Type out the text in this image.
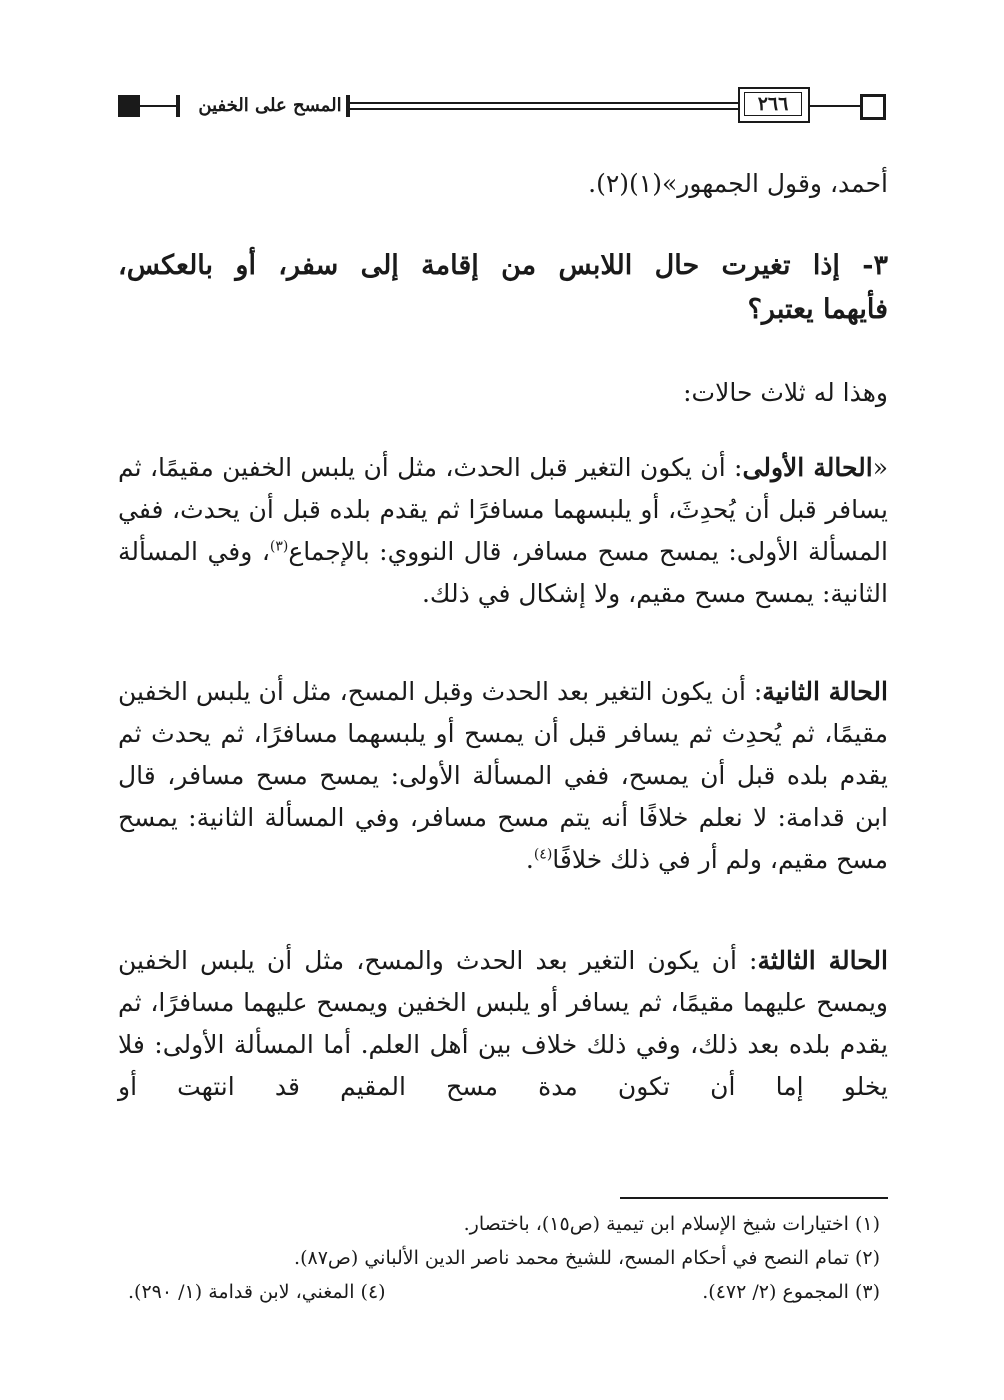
المسح على الخفين	٢٦٦

أحمد، وقول الجمهور»(١)(٢).

٣- إذا تغيرت حال اللابس من إقامة إلى سفر، أو بالعكس،
فأيهما يعتبر؟

وهذا له ثلاث حالات:

«الحالة الأولى: أن يكون التغير قبل الحدث، مثل أن يلبس الخفين مقيمًا، ثم يسافر قبل أن يُحدِثَ، أو يلبسهما مسافرًا ثم يقدم بلده قبل أن يحدث، ففي المسألة الأولى: يمسح مسح مسافر، قال النووي: بالإجماع$^{(٣)}$، وفي المسألة الثانية: يمسح مسح مقيم، ولا إشكال في ذلك.

الحالة الثانية: أن يكون التغير بعد الحدث وقبل المسح، مثل أن يلبس الخفين مقيمًا، ثم يُحدِث ثم يسافر قبل أن يمسح أو يلبسهما مسافرًا، ثم يحدث ثم يقدم بلده قبل أن يمسح، ففي المسألة الأولى: يمسح مسح مسافر، قال ابن قدامة: لا نعلم خلافًا أنه يتم مسح مسافر، وفي المسألة الثانية: يمسح مسح مقيم، ولم أر في ذلك خلافًا$^{(٤)}$.

الحالة الثالثة: أن يكون التغير بعد الحدث والمسح، مثل أن يلبس الخفين ويمسح عليهما مقيمًا، ثم يسافر أو يلبس الخفين ويمسح عليهما مسافرًا، ثم يقدم بلده بعد ذلك، وفي ذلك خلاف بين أهل العلم. أما المسألة الأولى: فلا يخلو إما أن تكون مدة مسح المقيم قد انتهت أو

(١) اختيارات شيخ الإسلام ابن تيمية (ص١٥)، باختصار.
(٢) تمام النصح في أحكام المسح، للشيخ محمد ناصر الدين الألباني (ص٨٧).
(٣) المجموع (٢/ ٤٧٢).
(٤) المغني، لابن قدامة (١/ ٢٩٠).
